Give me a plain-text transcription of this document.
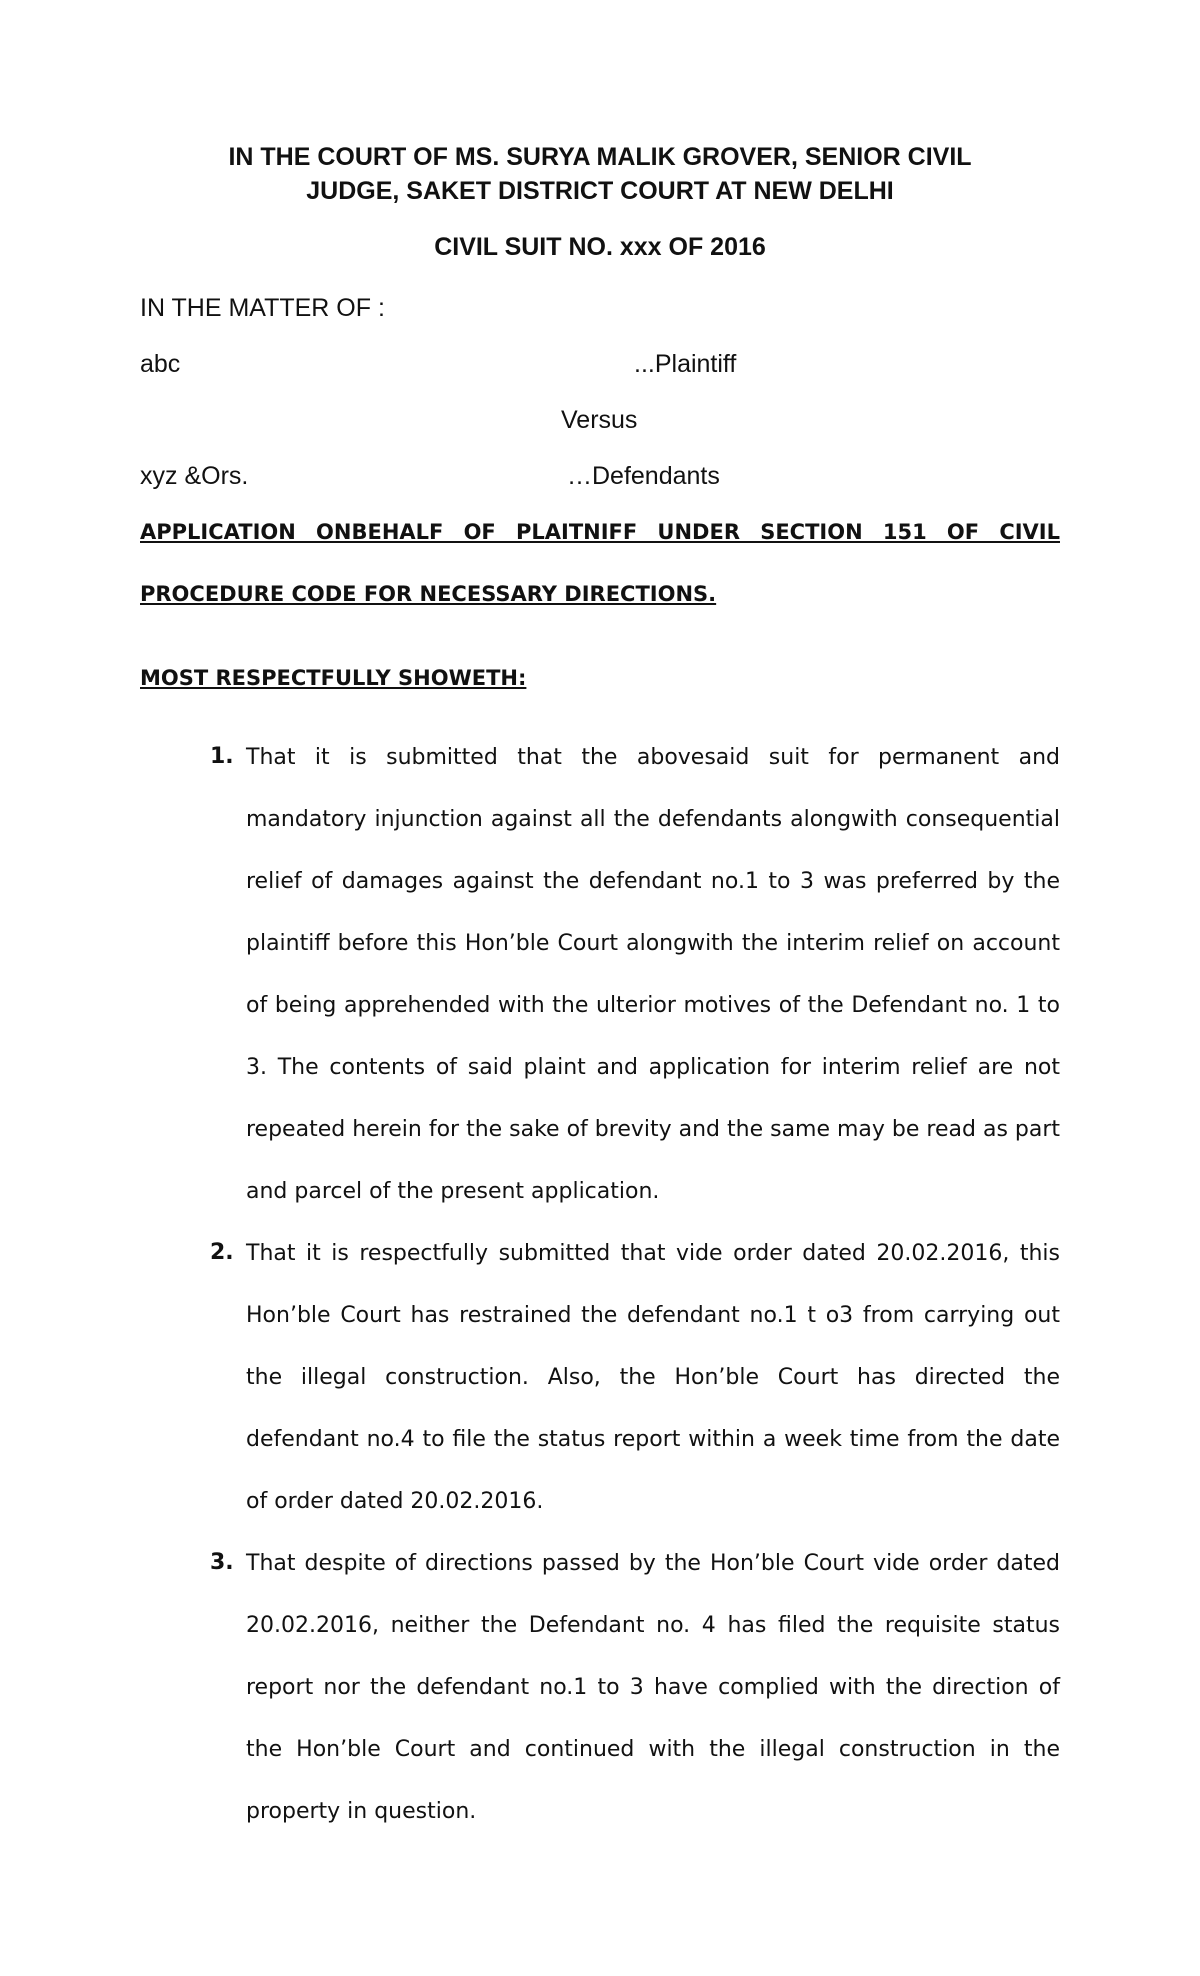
IN THE COURT OF MS. SURYA MALIK GROVER, SENIOR CIVIL
JUDGE, SAKET DISTRICT COURT AT NEW DELHI
CIVIL SUIT NO. xxx OF 2016
IN THE MATTER OF :
abc	...Plaintiff
Versus
xyz &Ors.	…Defendants
APPLICATION ONBEHALF OF PLAITNIFF UNDER SECTION 151 OF CIVIL
PROCEDURE CODE FOR NECESSARY DIRECTIONS.
MOST RESPECTFULLY SHOWETH:
1. That it is submitted that the abovesaid suit for permanent and mandatory injunction against all the defendants alongwith consequential relief of damages against the defendant no.1 to 3 was preferred by the plaintiff before this Hon’ble Court alongwith the interim relief on account of being apprehended with the ulterior motives of the Defendant no. 1 to 3. The contents of said plaint and application for interim relief are not repeated herein for the sake of brevity and the same may be read as part and parcel of the present application.
2. That it is respectfully submitted that vide order dated 20.02.2016, this Hon’ble Court has restrained the defendant no.1 t o3 from carrying out the illegal construction. Also, the Hon’ble Court has directed the defendant no.4 to file the status report within a week time from the date of order dated 20.02.2016.
3. That despite of directions passed by the Hon’ble Court vide order dated 20.02.2016, neither the Defendant no. 4 has filed the requisite status report nor the defendant no.1 to 3 have complied with the direction of the Hon’ble Court and continued with the illegal construction in the property in question.
